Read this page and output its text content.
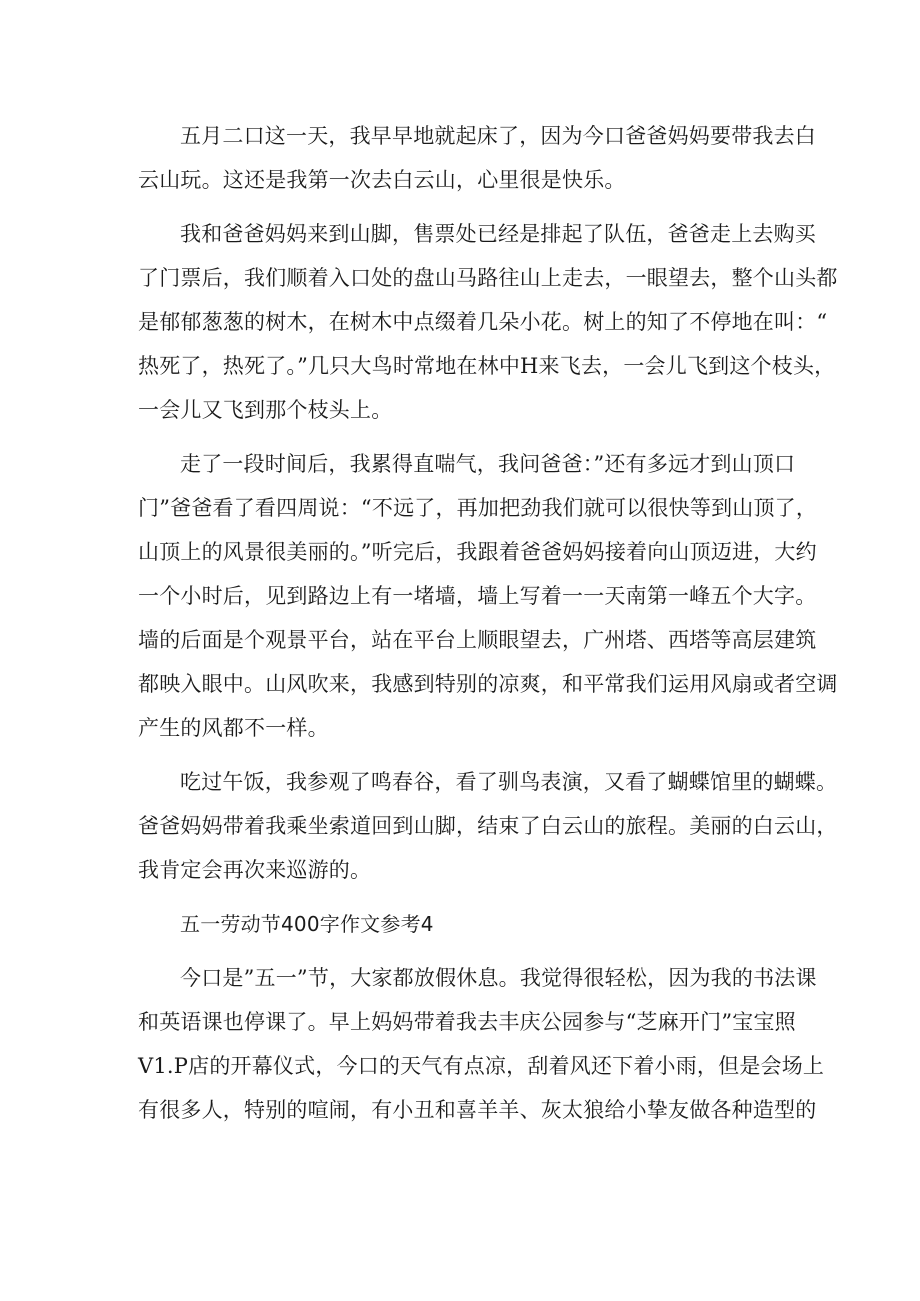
五月二口这一天，我早早地就起床了，因为今口爸爸妈妈要带我去白
云山玩。这还是我第一次去白云山，心里很是快乐。
我和爸爸妈妈来到山脚，售票处已经是排起了队伍，爸爸走上去购买
了门票后，我们顺着入口处的盘山马路往山上走去，一眼望去，整个山头都
是郁郁葱葱的树木，在树木中点缀着几朵小花。树上的知了不停地在叫：“
热死了，热死了。”几只大鸟时常地在林中H来飞去，一会儿飞到这个枝头，
一会儿又飞到那个枝头上。
走了一段时间后，我累得直喘气，我问爸爸：”还有多远才到山顶口
门”爸爸看了看四周说：“不远了，再加把劲我们就可以很快等到山顶了，
山顶上的风景很美丽的。”听完后，我跟着爸爸妈妈接着向山顶迈进，大约
一个小时后，见到路边上有一堵墙，墙上写着一一天南第一峰五个大字。
墙的后面是个观景平台，站在平台上顺眼望去，广州塔、西塔等高层建筑
都映入眼中。山风吹来，我感到特别的凉爽，和平常我们运用风扇或者空调
产生的风都不一样。
吃过午饭，我参观了鸣春谷，看了驯鸟表演，又看了蝴蝶馆里的蝴蝶。
爸爸妈妈带着我乘坐索道回到山脚，结束了白云山的旅程。美丽的白云山，
我肯定会再次来巡游的。
五一劳动节400字作文参考4
今口是”五一”节，大家都放假休息。我觉得很轻松，因为我的书法课
和英语课也停课了。早上妈妈带着我去丰庆公园参与“芝麻开门”宝宝照
V1.P店的开幕仪式，今口的天气有点凉，刮着风还下着小雨，但是会场上
有很多人，特别的喧闹，有小丑和喜羊羊、灰太狼给小挚友做各种造型的
